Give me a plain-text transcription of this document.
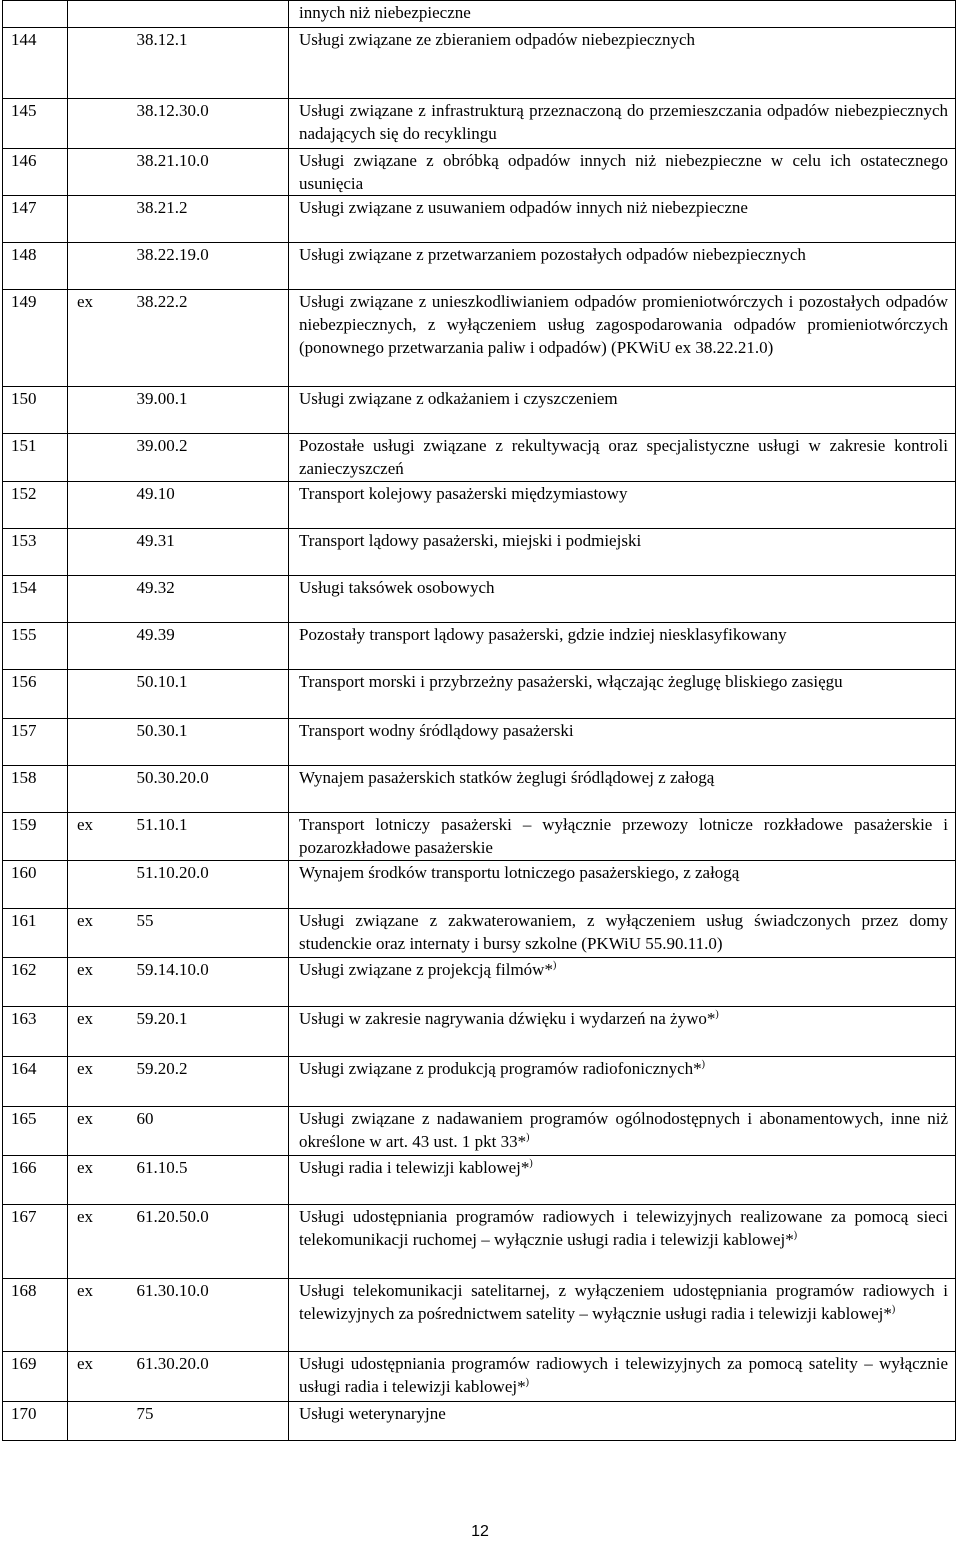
			innych niż niebezpieczne
144		38.12.1	Usługi związane ze zbieraniem odpadów niebezpiecznych
145		38.12.30.0	Usługi związane z infrastrukturą przeznaczoną do przemieszczania odpadów niebezpiecznych nadających się do recyklingu
146		38.21.10.0	Usługi związane z obróbką odpadów innych niż niebezpieczne w celu ich ostatecznego usunięcia
147		38.21.2	Usługi związane z usuwaniem odpadów innych niż niebezpieczne
148		38.22.19.0	Usługi związane z przetwarzaniem pozostałych odpadów niebezpiecznych
149	ex	38.22.2	Usługi związane z unieszkodliwianiem odpadów promieniotwórczych i pozostałych odpadów niebezpiecznych, z wyłączeniem usług zagospodarowania odpadów promieniotwórczych (ponownego przetwarzania paliw i odpadów) (PKWiU ex 38.22.21.0)
150		39.00.1	Usługi związane z odkażaniem i czyszczeniem
151		39.00.2	Pozostałe usługi związane z rekultywacją oraz specjalistyczne usługi w zakresie kontroli zanieczyszczeń
152		49.10	Transport kolejowy pasażerski międzymiastowy
153		49.31	Transport lądowy pasażerski, miejski i podmiejski
154		49.32	Usługi taksówek osobowych
155		49.39	Pozostały transport lądowy pasażerski, gdzie indziej niesklasyfikowany
156		50.10.1	Transport morski i przybrzeżny pasażerski, włączając żeglugę bliskiego zasięgu
157		50.30.1	Transport wodny śródlądowy pasażerski
158		50.30.20.0	Wynajem pasażerskich statków żeglugi śródlądowej z załogą
159	ex	51.10.1	Transport lotniczy pasażerski – wyłącznie przewozy lotnicze rozkładowe pasażerskie i pozarozkładowe pasażerskie
160		51.10.20.0	Wynajem środków transportu lotniczego pasażerskiego, z załogą
161	ex	55	Usługi związane z zakwaterowaniem, z wyłączeniem usług świadczonych przez domy studenckie oraz internaty i bursy szkolne (PKWiU 55.90.11.0)
162	ex	59.14.10.0	Usługi związane z projekcją filmów*)
163	ex	59.20.1	Usługi w zakresie nagrywania dźwięku i wydarzeń na żywo*)
164	ex	59.20.2	Usługi związane z produkcją programów radiofonicznych*)
165	ex	60	Usługi związane z nadawaniem programów ogólnodostępnych i abonamentowych, inne niż określone w art. 43 ust. 1 pkt 33*)
166	ex	61.10.5	Usługi radia i telewizji kablowej*)
167	ex	61.20.50.0	Usługi udostępniania programów radiowych i telewizyjnych realizowane za pomocą sieci telekomunikacji ruchomej – wyłącznie usługi radia i telewizji kablowej*)
168	ex	61.30.10.0	Usługi telekomunikacji satelitarnej, z wyłączeniem udostępniania programów radiowych i telewizyjnych za pośrednictwem satelity – wyłącznie usługi radia i telewizji kablowej*)
169	ex	61.30.20.0	Usługi udostępniania programów radiowych i telewizyjnych za pomocą satelity – wyłącznie usługi radia i telewizji kablowej*)
170		75	Usługi weterynaryjne
12
